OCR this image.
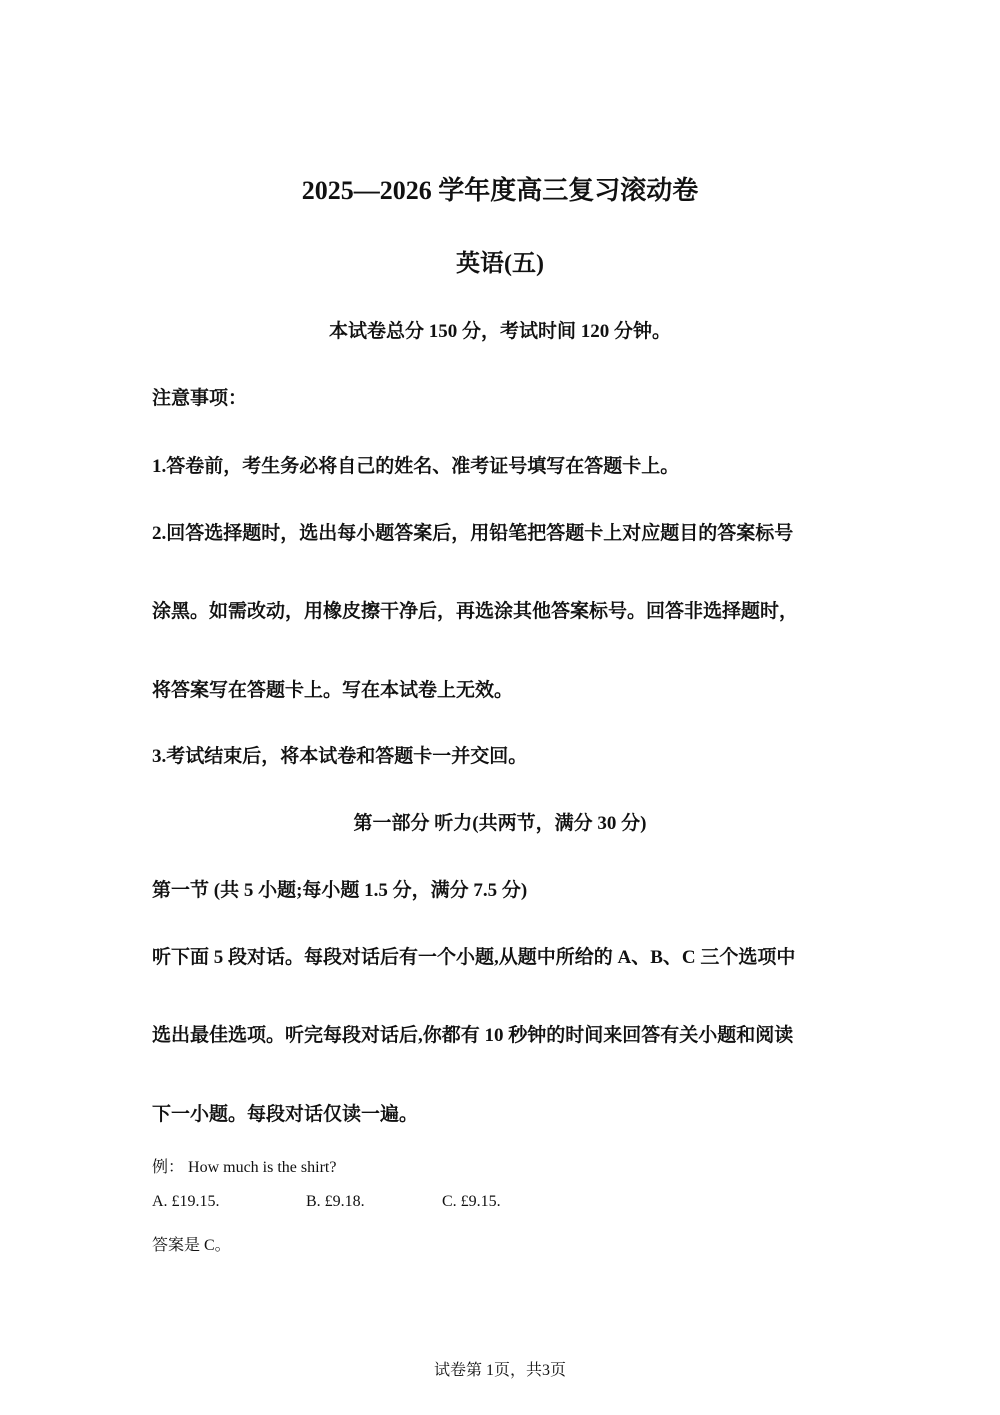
2025—2026 学年度高三复习滚动卷
英语(五)
本试卷总分 150 分，考试时间 120 分钟。
注意事项：
1.答卷前，考生务必将自己的姓名、准考证号填写在答题卡上。
2.回答选择题时，选出每小题答案后，用铅笔把答题卡上对应题目的答案标号
涂黑。如需改动，用橡皮擦干净后，再选涂其他答案标号。回答非选择题时，
将答案写在答题卡上。写在本试卷上无效。
3.考试结束后，将本试卷和答题卡一并交回。
第一部分 听力(共两节，满分 30 分)
第一节 (共 5 小题;每小题 1.5 分，满分 7.5 分)
听下面 5 段对话。每段对话后有一个小题,从题中所给的 A、B、C 三个选项中
选出最佳选项。听完每段对话后,你都有 10 秒钟的时间来回答有关小题和阅读
下一小题。每段对话仅读一遍。
例： How much is the shirt?
A. £19.15.	B. £9.18.	C. £9.15.
答案是 C。
试卷第 1页，共3页
